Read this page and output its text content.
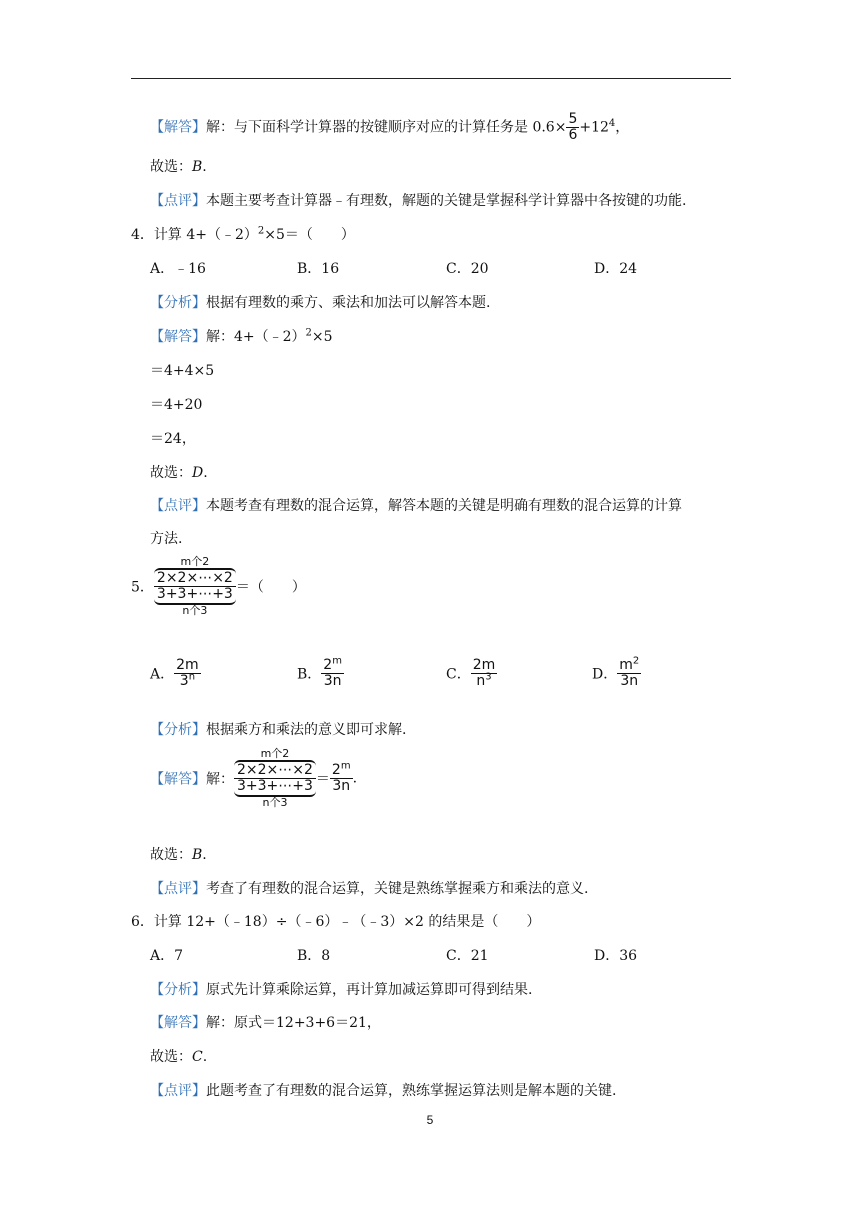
【解答】解：与下面科学计算器的按键顺序对应的计算任务是 $0.6\times \frac{5}{6} +12^4$，
故选：B.
【点评】本题主要考查计算器﹣有理数，解题的关键是掌握科学计算器中各按键的功能.
4．计算 4+（﹣2）$^2$×5＝（　　）
A．﹣16	B．16	C．20	D．24
【分析】根据有理数的乘方、乘法和加法可以解答本题.
【解答】解：4+（﹣2）$^2$×5
＝4+4×5
＝4+20
＝24，
故选：D.
【点评】本题考查有理数的混合运算，解答本题的关键是明确有理数的混合运算的计算
方法.
5．
m个2
2×2×⋯×2
3+3+⋯+3
n个3
＝（　　）
A． $\frac{2m}{3^n}$	B． $\frac{2^m}{3n}$	C． $\frac{2m}{n^3}$	D． $\frac{m^2}{3n}$
【分析】根据乘方和乘法的意义即可求解.
【解答】解：
m个2
2×2×⋯×2
3+3+⋯+3
n个3
＝ $\frac{2^m}{3n}$ .
故选：B.
【点评】考查了有理数的混合运算，关键是熟练掌握乘方和乘法的意义.
6．计算 12+（﹣18）÷（﹣6）﹣（﹣3）×2 的结果是（　　）
A．7	B．8	C．21	D．36
【分析】原式先计算乘除运算，再计算加减运算即可得到结果.
【解答】解：原式＝12+3+6＝21，
故选：C.
【点评】此题考查了有理数的混合运算，熟练掌握运算法则是解本题的关键.
5
